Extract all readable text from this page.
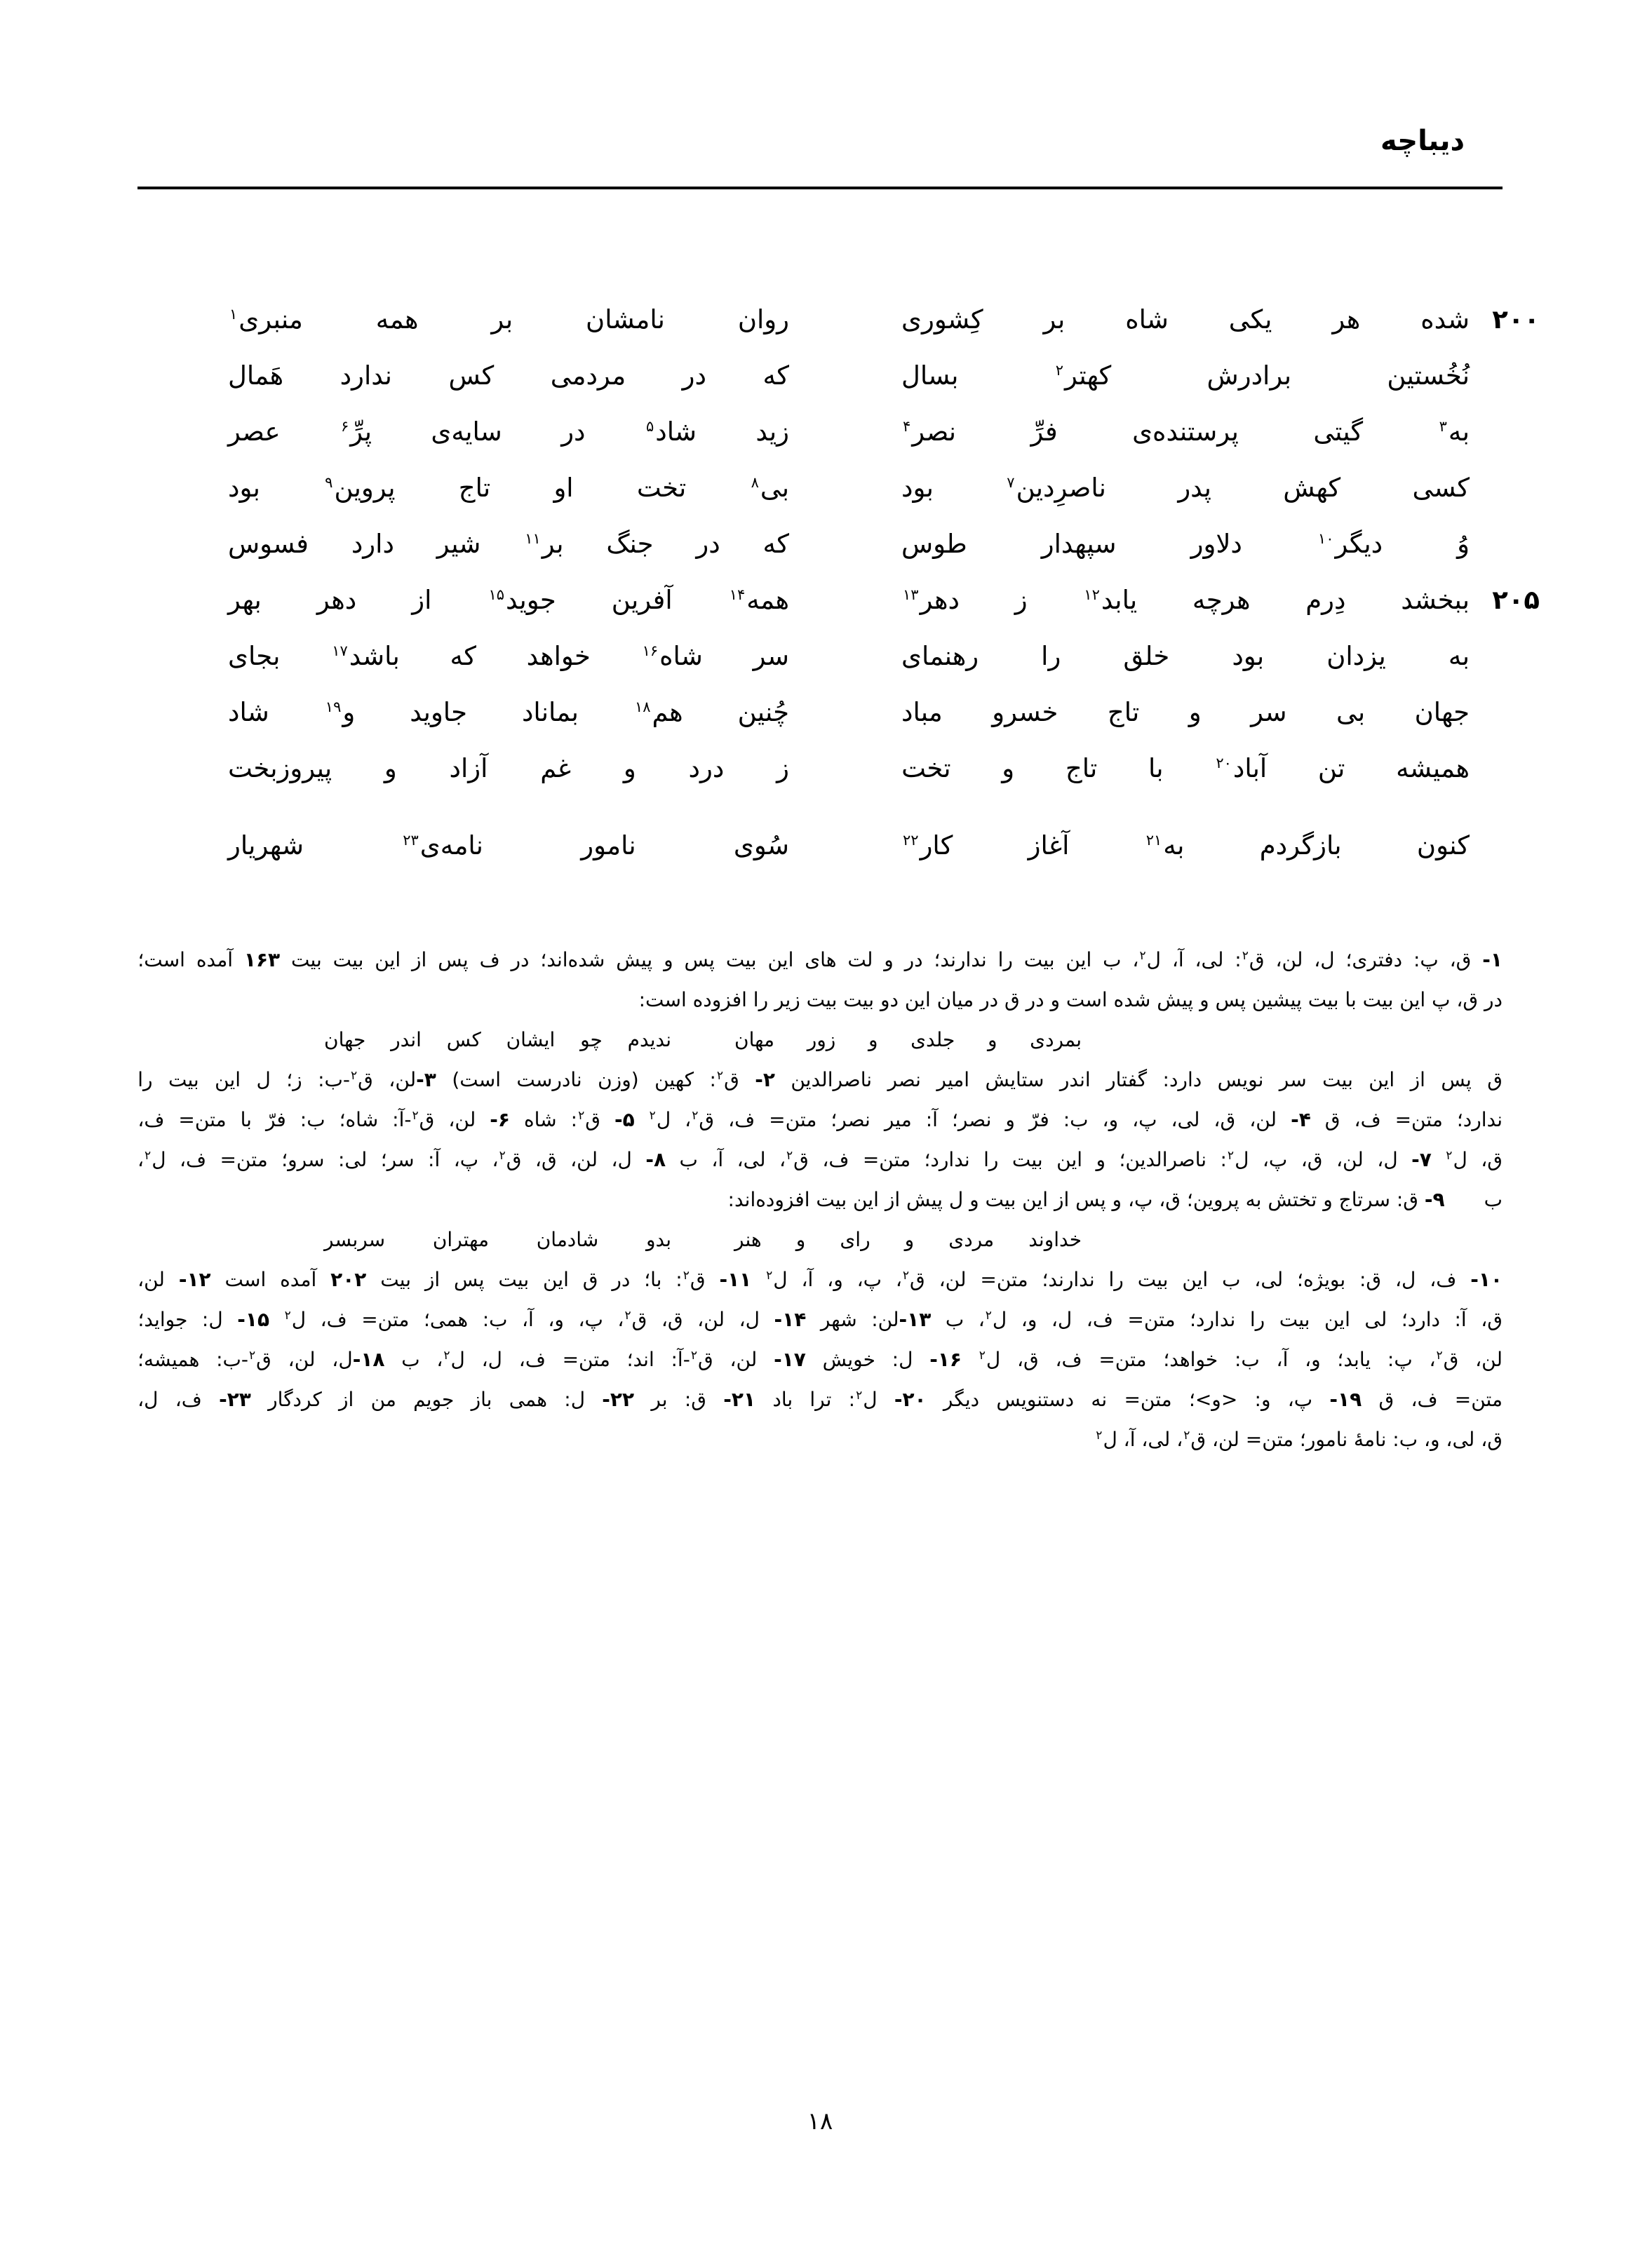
دیباچه
۲۰۰
شده
هر
یکی
شاه
بر
کِشوری
روان
نامشان
بر
همه
منبری$^۱$
نُخُستین
برادرش
کهتر$^۲$
بسال
که
در
مردمی
کس
ندارد
هَمال
به$^۳$
گیتی
پرستنده‌ی
فرِّ
نصر$^۴$
زید
شاد$^۵$
در
سایه‌ی
پرِّ$^۶$
عصر
کسی
کهش
پدر
ناصرِدین$^۷$
بود
بی$^۸$
تخت
او
تاج
پروین$^۹$
بود
وُ
دیگر$^{۱۰}$
دلاور
سپهدار
طوس
که
در
جنگ
بر$^{۱۱}$
شیر
دارد
فسوس
۲۰۵
ببخشد
دِرم
هرچه
یابد$^{۱۲}$
ز
دهر$^{۱۳}$
همه$^{۱۴}$
آفرین
جوید$^{۱۵}$
از
دهر
بهر
به
یزدان
بود
خلق
را
رهنمای
سر
شاه$^{۱۶}$
خواهد
که
باشد$^{۱۷}$
بجای
جهان
بی
سر
و
تاج
خسرو
مباد
چُنین
هم$^{۱۸}$
بماناد
جاوید
و$^{۱۹}$
شاد
همیشه
تن
آباد$^{۲۰}$
با
تاج
و
تخت
ز
درد
و
غم
آزاد
و
پیروزبخت
کنون
بازگردم
به$^{۲۱}$
آغاز
کار$^{۲۲}$
سُوی
نامور
نامه‌ی$^{۲۳}$
شهریار
۱-
ق،
پ:
دفتری؛
ل،
لن،
ق$^۲$:
لی،
آ،
ل$^۲$،
ب
این
بیت
را
ندارند؛
در
و
لت
های
این
بیت
پس
و
پیش
شده‌اند؛
در
ف
پس
از
این
بیت
بیت
۱۶۳
آمده
است؛
در ق، پ این بیت با بیت پیشین پس و پیش شده است و در ق در میان این دو بیت بیت زیر را افزوده است:
بمردی
و
جلدی
و
زور
مهان
ندیدم
چو
ایشان
کس
اندر
جهان
ق
پس
از
این
بیت
سر
نویس
دارد:
گفتار
اندر
ستایش
امیر
نصر
ناصرالدین
۲-
ق$^۲$:
کهین
(وزن
نادرست
است)
۳-لن،
ق$^۲$-ب:
ز؛
ل
این
بیت
را
ندارد؛
متن=
ف،
ق
۴-
لن،
ق،
لی،
پ،
و،
ب:
فرّ
و
نصر؛
آ:
میر
نصر؛
متن=
ف،
ق$^۲$،
ل$^۲$
۵-
ق$^۲$:
شاه
۶-
لن،
ق$^۲$-آ:
شاه؛
ب:
فرّ
با
متن=
ف،
ق،
ل$^۲$
۷-
ل،
لن،
ق،
پ،
ل$^۲$:
ناصرالدین؛
و
این
بیت
را
ندارد؛
متن=
ف،
ق$^۲$،
لی،
آ،
ب
۸-
ل،
لن،
ق،
ق$^۲$،
پ،
آ:
سر؛
لی:
سرو؛
متن=
ف،
ل$^۲$،
ب  ۹- ق: سرتاج و تختش به پروین؛ ق، پ، و پس از این بیت و ل پیش از این بیت افزوده‌اند:
خداوند
مردی
و
رای
و
هنر
بدو
شادمان
مهتران
سربسر
۱۰-
ف،
ل،
ق:
بویژه؛
لی،
ب
این
بیت
را
ندارند؛
متن=
لن،
ق$^۲$،
پ،
و،
آ،
ل$^۲$
۱۱-
ق$^۲$:
با؛
در
ق
این
بیت
پس
از
بیت
۲۰۲
آمده
است
۱۲-
لن،
ق،
آ:
دارد؛
لی
این
بیت
را
ندارد؛
متن=
ف،
ل،
و،
ل$^۲$،
ب
۱۳-لن:
شهر
۱۴-
ل،
لن،
ق،
ق$^۲$،
پ،
و،
آ،
ب:
همی؛
متن=
ف،
ل$^۲$
۱۵-
ل:
جواید؛
لن،
ق$^۲$،
پ:
یابد؛
و،
آ،
ب:
خواهد؛
متن=
ف،
ق،
ل$^۲$
۱۶-
ل:
خویش
۱۷-
لن،
ق$^۲$-آ:
اند؛
متن=
ف،
ل،
ل$^۲$،
ب
۱۸-ل،
لن،
ق$^۲$-ب:
همیشه؛
متن=
ف،
ق
۱۹-
پ،
و:
<و>؛
متن=
نه
دستنویس
دیگر
۲۰-
ل$^۲$:
ترا
باد
۲۱-
ق:
بر
۲۲-
ل:
همی
باز
جویم
من
از
کردگار
۲۳-
ف،
ل،
ق، لی، و، ب: نامهٔ نامور؛ متن= لن، ق$^۲$، لی، آ، ل$^۲$
۱۸
